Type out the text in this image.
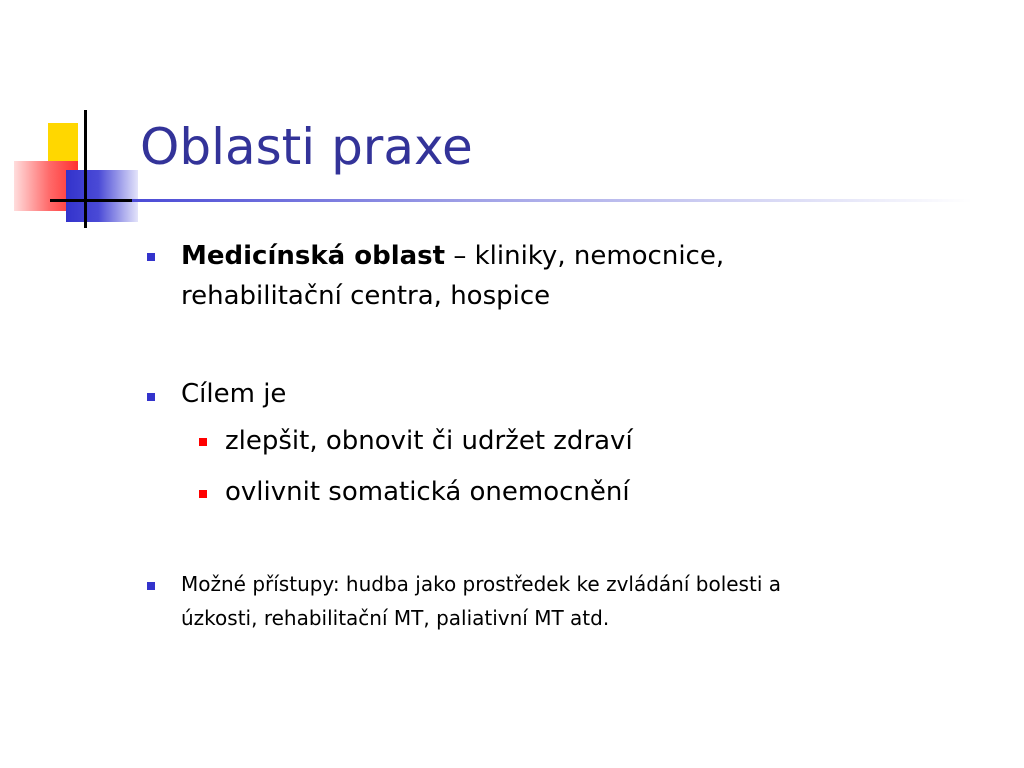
Oblasti praxe
Medicínská oblast – kliniky, nemocnice,
rehabilitační centra, hospice
Cílem je
zlepšit, obnovit či udržet zdraví
ovlivnit somatická onemocnění
Možné přístupy: hudba jako prostředek ke zvládání bolesti a
úzkosti, rehabilitační MT, paliativní MT atd.
